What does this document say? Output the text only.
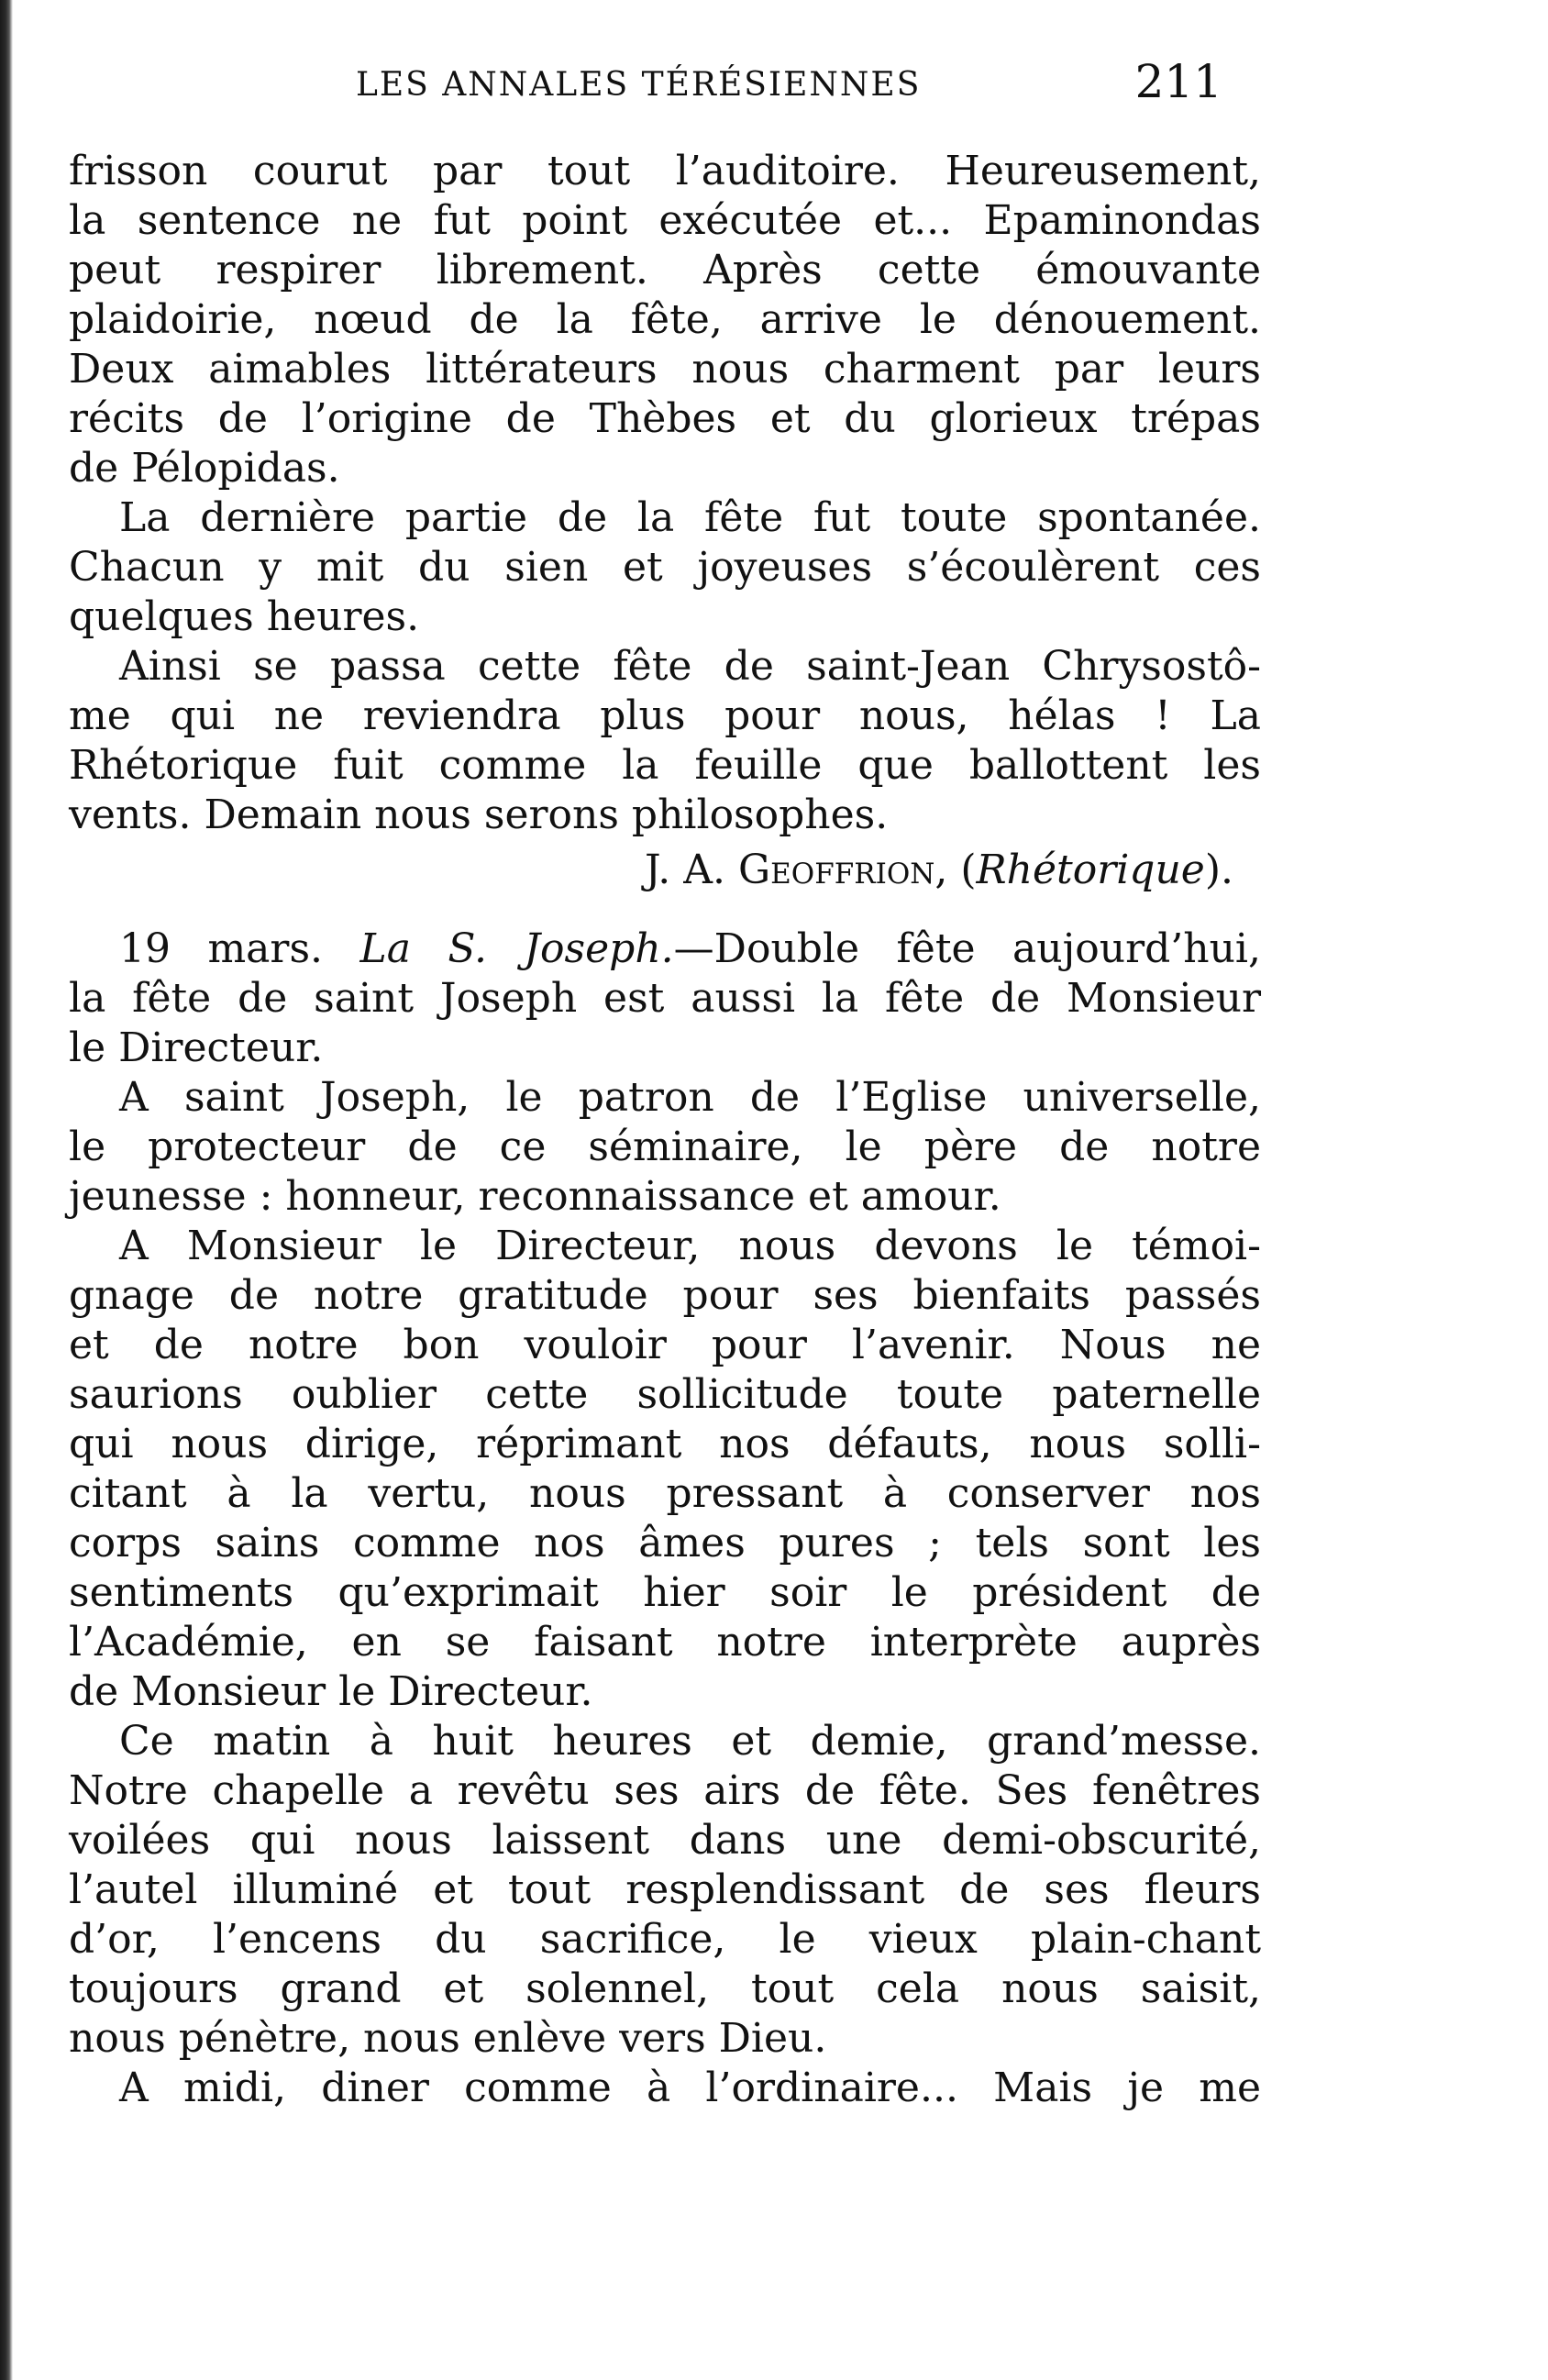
LES ANNALES TÉRÉSIENNES	211
frisson courut par tout l’auditoire. Heureusement,
la sentence ne fut point exécutée et... Epaminondas
peut respirer librement. Après cette émouvante
plaidoirie, nœud de la fête, arrive le dénouement.
Deux aimables littérateurs nous charment par leurs
récits de l’origine de Thèbes et du glorieux trépas
de Pélopidas.
La dernière partie de la fête fut toute spontanée.
Chacun y mit du sien et joyeuses s’écoulèrent ces
quelques heures.
Ainsi se passa cette fête de saint-Jean Chrysostô-
me qui ne reviendra plus pour nous, hélas ! La
Rhétorique fuit comme la feuille que ballottent les
vents. Demain nous serons philosophes.
J. A. Geoffrion, (Rhétorique).
19 mars. La S. Joseph.—Double fête aujourd’hui,
la fête de saint Joseph est aussi la fête de Monsieur
le Directeur.
A saint Joseph, le patron de l’Eglise universelle,
le protecteur de ce séminaire, le père de notre
jeunesse : honneur, reconnaissance et amour.
A Monsieur le Directeur, nous devons le témoi-
gnage de notre gratitude pour ses bienfaits passés
et de notre bon vouloir pour l’avenir. Nous ne
saurions oublier cette sollicitude toute paternelle
qui nous dirige, réprimant nos défauts, nous solli-
citant à la vertu, nous pressant à conserver nos
corps sains comme nos âmes pures ; tels sont les
sentiments qu’exprimait hier soir le président de
l’Académie, en se faisant notre interprète auprès
de Monsieur le Directeur.
Ce matin à huit heures et demie, grand’messe.
Notre chapelle a revêtu ses airs de fête. Ses fenêtres
voilées qui nous laissent dans une demi-obscurité,
l’autel illuminé et tout resplendissant de ses fleurs
d’or, l’encens du sacrifice, le vieux plain-chant
toujours grand et solennel, tout cela nous saisit,
nous pénètre, nous enlève vers Dieu.
A midi, diner comme à l’ordinaire... Mais je me
